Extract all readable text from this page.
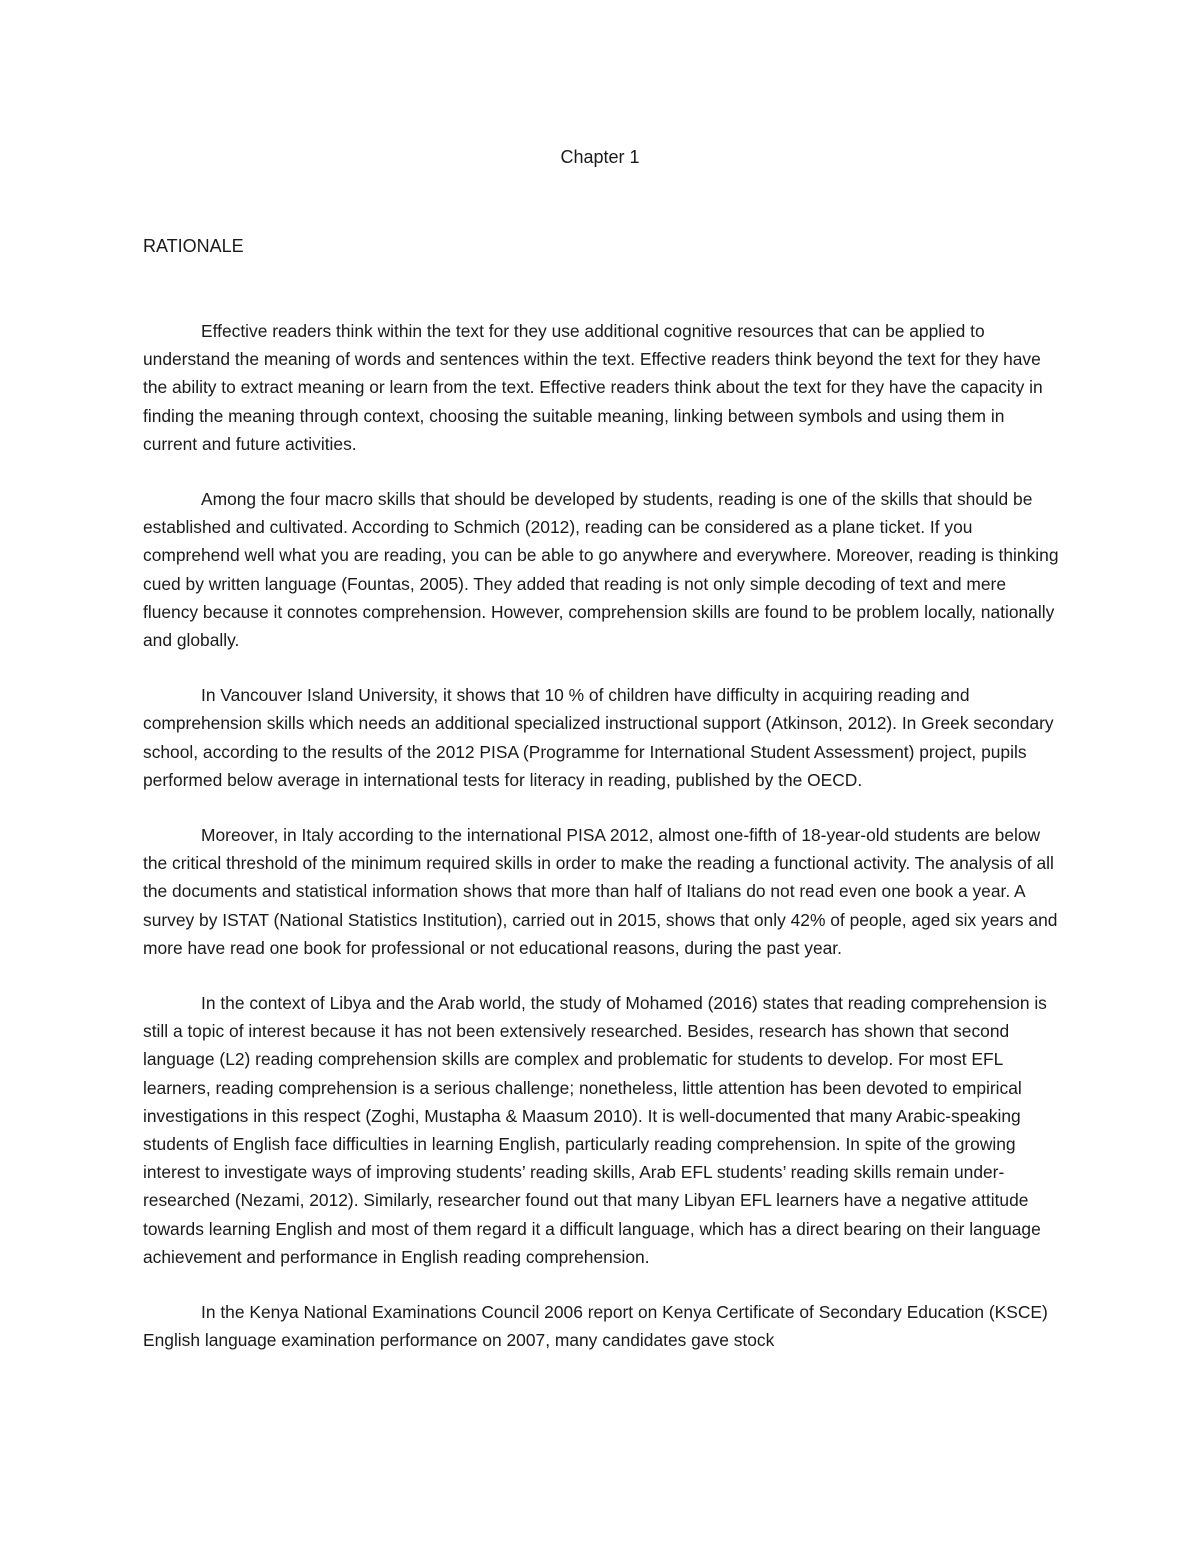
Chapter 1
RATIONALE

Effective readers think within the text for they use additional cognitive resources that can be applied to understand the meaning of words and sentences within the text. Effective readers think beyond the text for they have the ability to extract meaning or learn from the text. Effective readers think about the text for they have the capacity in finding the meaning through context, choosing the suitable meaning, linking between symbols and using them in current and future activities.

Among the four macro skills that should be developed by students, reading is one of the skills that should be established and cultivated. According to Schmich (2012), reading can be considered as a plane ticket. If you comprehend well what you are reading, you can be able to go anywhere and everywhere. Moreover, reading is thinking cued by written language (Fountas, 2005). They added that reading is not only simple decoding of text and mere fluency because it connotes comprehension. However, comprehension skills are found to be problem locally, nationally and globally.

In Vancouver Island University, it shows that 10 % of children have difficulty in acquiring reading and comprehension skills which needs an additional specialized instructional support (Atkinson, 2012). In Greek secondary school, according to the results of the 2012 PISA (Programme for International Student Assessment) project, pupils performed below average in international tests for literacy in reading, published by the OECD.

Moreover, in Italy according to the international PISA 2012, almost one-fifth of 18-year-old students are below the critical threshold of the minimum required skills in order to make the reading a functional activity. The analysis of all the documents and statistical information shows that more than half of Italians do not read even one book a year. A survey by ISTAT (National Statistics Institution), carried out in 2015, shows that only 42% of people, aged six years and more have read one book for professional or not educational reasons, during the past year.

In the context of Libya and the Arab world, the study of Mohamed (2016) states that reading comprehension is still a topic of interest because it has not been extensively researched. Besides, research has shown that second language (L2) reading comprehension skills are complex and problematic for students to develop. For most EFL learners, reading comprehension is a serious challenge; nonetheless, little attention has been devoted to empirical investigations in this respect (Zoghi, Mustapha & Maasum 2010). It is well-documented that many Arabic-speaking students of English face difficulties in learning English, particularly reading comprehension. In spite of the growing interest to investigate ways of improving students’ reading skills, Arab EFL students’ reading skills remain under-researched (Nezami, 2012). Similarly, researcher found out that many Libyan EFL learners have a negative attitude towards learning English and most of them regard it a difficult language, which has a direct bearing on their language achievement and performance in English reading comprehension.

In the Kenya National Examinations Council 2006 report on Kenya Certificate of Secondary Education (KSCE) English language examination performance on 2007, many candidates gave stock
